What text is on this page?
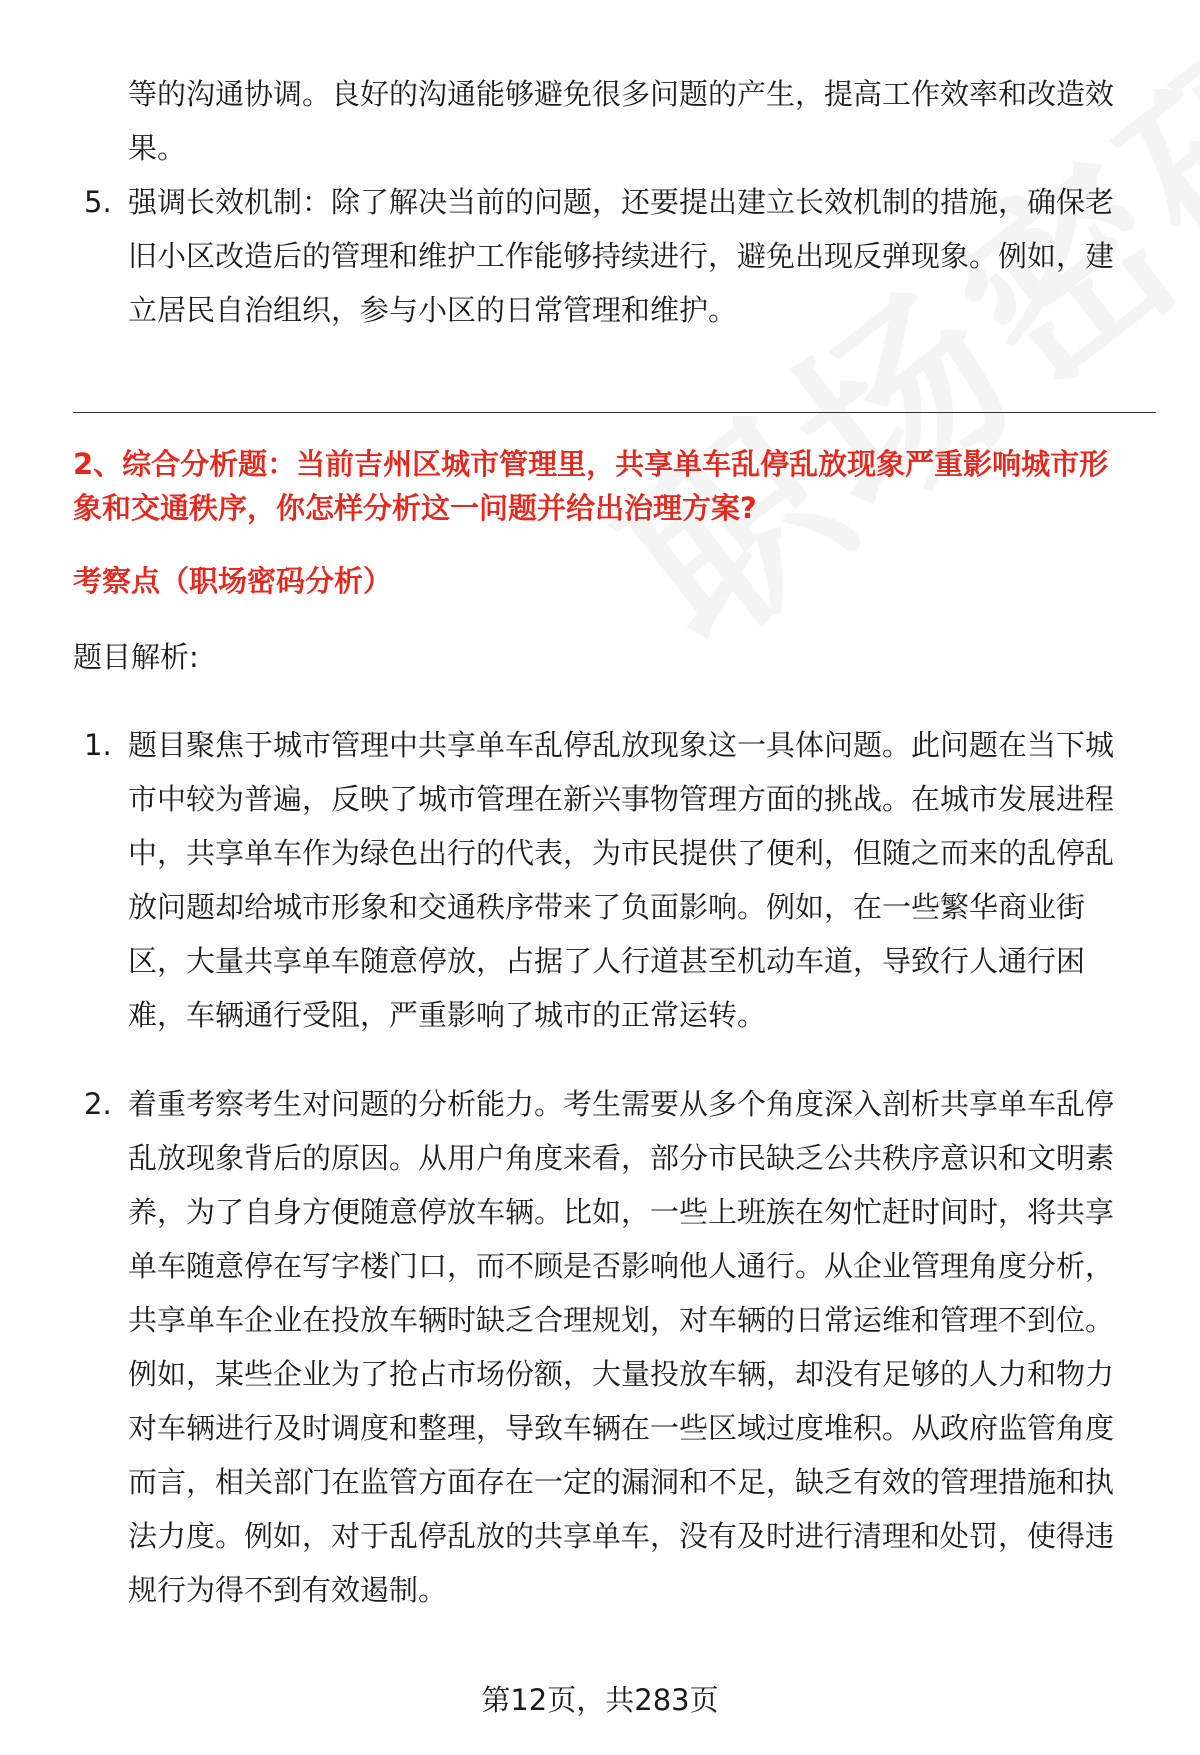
等的沟通协调。良好的沟通能够避免很多问题的产生，提高工作效率和改造效
果。
5. 强调长效机制：除了解决当前的问题，还要提出建立长效机制的措施，确保老
旧小区改造后的管理和维护工作能够持续进行，避免出现反弹现象。例如，建
立居民自治组织，参与小区的日常管理和维护。
2、综合分析题：当前吉州区城市管理里，共享单车乱停乱放现象严重影响城市形
象和交通秩序，你怎样分析这一问题并给出治理方案?
考察点（职场密码分析）
题目解析:
1. 题目聚焦于城市管理中共享单车乱停乱放现象这一具体问题。此问题在当下城
市中较为普遍，反映了城市管理在新兴事物管理方面的挑战。在城市发展进程
中，共享单车作为绿色出行的代表，为市民提供了便利，但随之而来的乱停乱
放问题却给城市形象和交通秩序带来了负面影响。例如，在一些繁华商业街
区，大量共享单车随意停放，占据了人行道甚至机动车道，导致行人通行困
难，车辆通行受阻，严重影响了城市的正常运转。
2. 着重考察考生对问题的分析能力。考生需要从多个角度深入剖析共享单车乱停
乱放现象背后的原因。从用户角度来看，部分市民缺乏公共秩序意识和文明素
养，为了自身方便随意停放车辆。比如，一些上班族在匆忙赶时间时，将共享
单车随意停在写字楼门口，而不顾是否影响他人通行。从企业管理角度分析，
共享单车企业在投放车辆时缺乏合理规划，对车辆的日常运维和管理不到位。
例如，某些企业为了抢占市场份额，大量投放车辆，却没有足够的人力和物力
对车辆进行及时调度和整理，导致车辆在一些区域过度堆积。从政府监管角度
而言，相关部门在监管方面存在一定的漏洞和不足，缺乏有效的管理措施和执
法力度。例如，对于乱停乱放的共享单车，没有及时进行清理和处罚，使得违
规行为得不到有效遏制。
第12页，共283页
